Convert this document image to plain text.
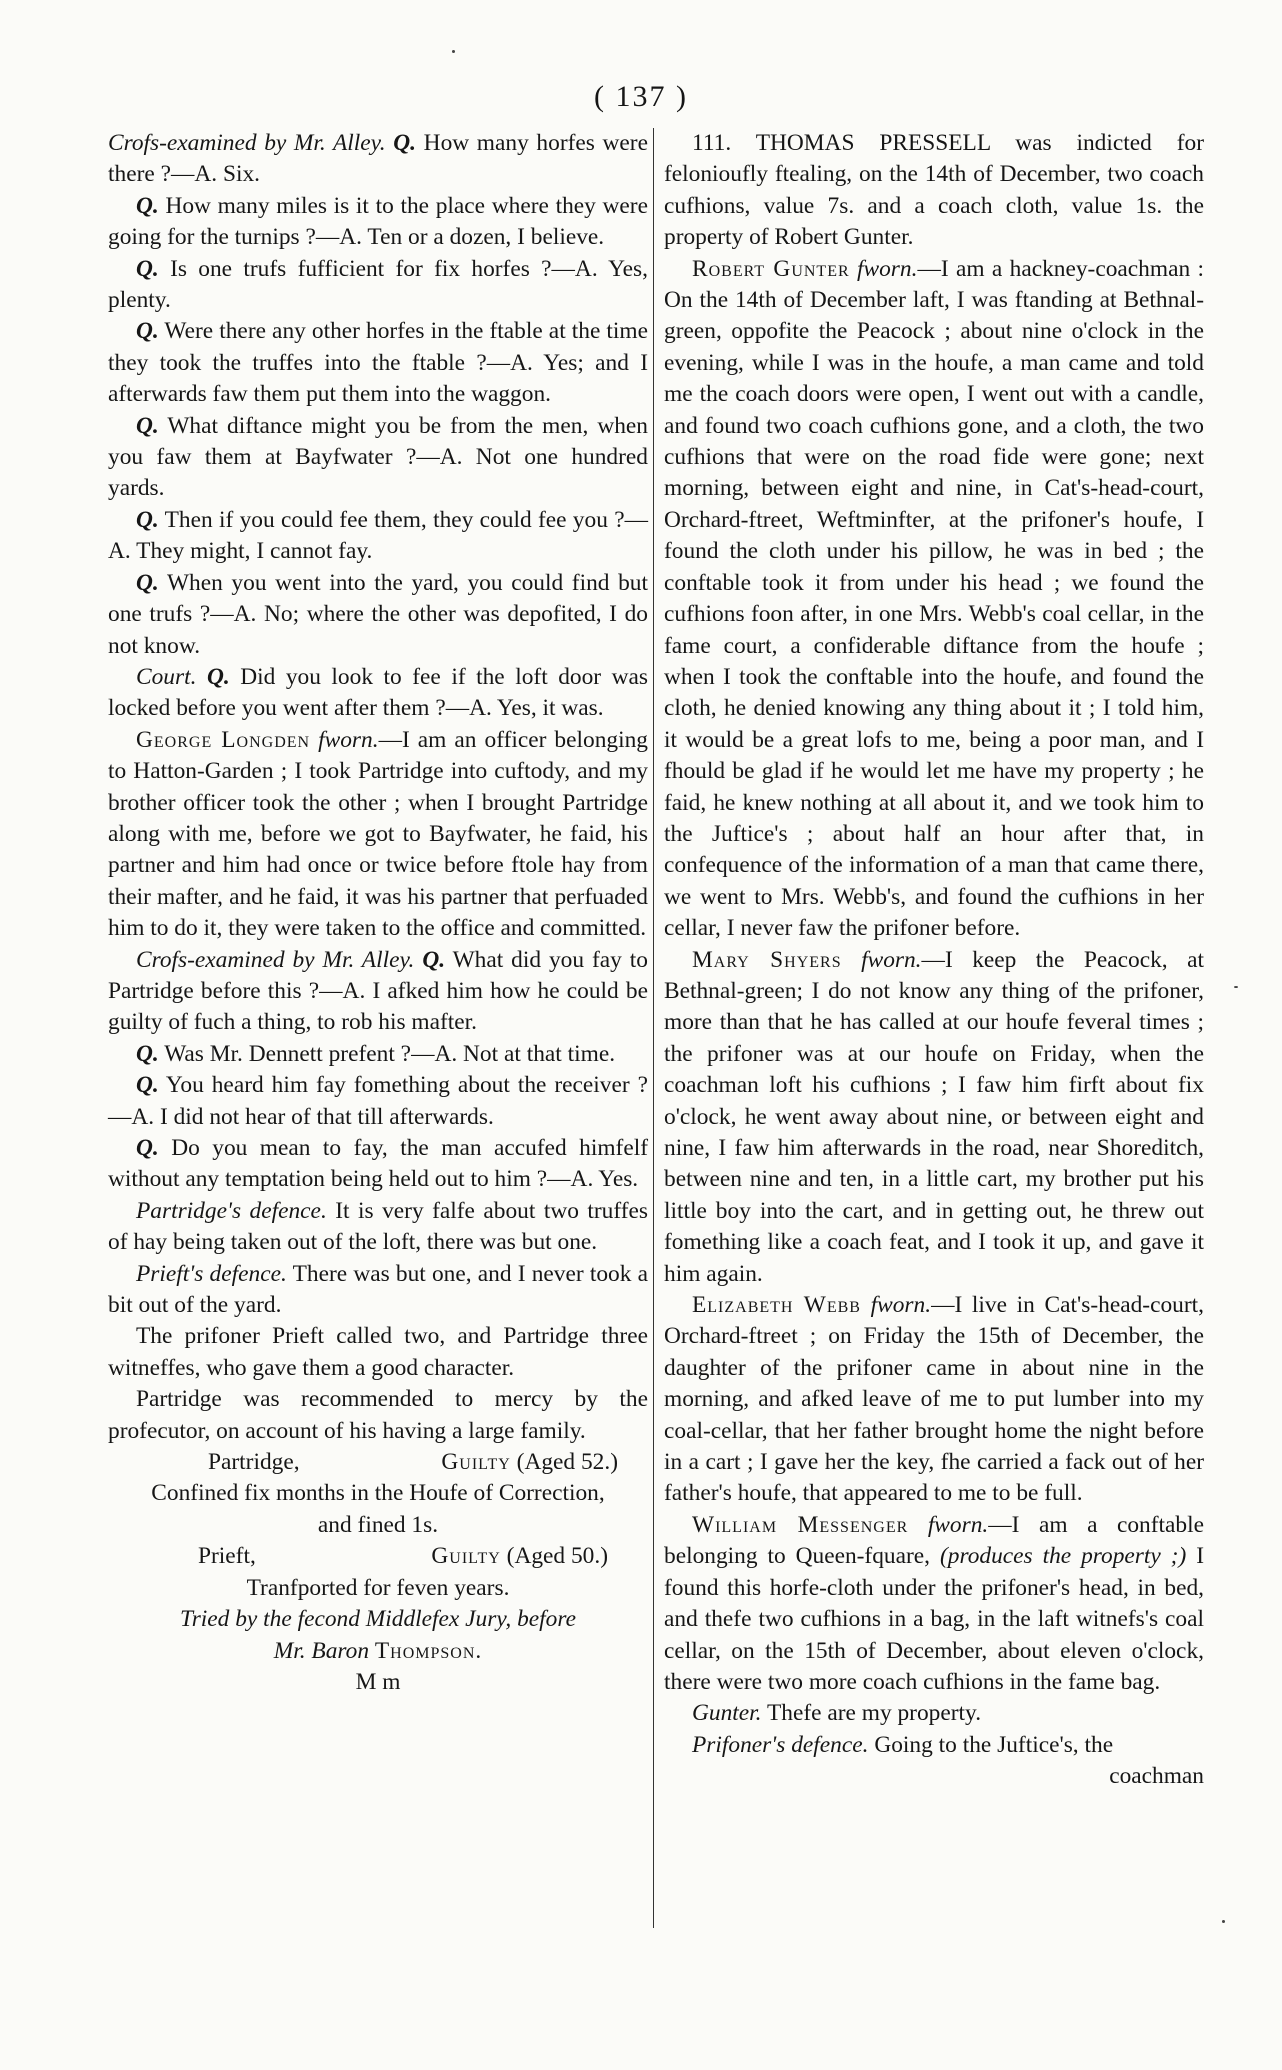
( 137 )

Crofs-examined by Mr. Alley. Q. How many horfes were there ?—A. Six.

Q. How many miles is it to the place where they were going for the turnips ?—A. Ten or a dozen, I believe.

Q. Is one trufs fufficient for fix horfes ?—A. Yes, plenty.

Q. Were there any other horfes in the ftable at the time they took the truffes into the ftable ?—A. Yes; and I afterwards faw them put them into the waggon.

Q. What diftance might you be from the men, when you faw them at Bayfwater ?—A. Not one hundred yards.

Q. Then if you could fee them, they could fee you ?—A. They might, I cannot fay.

Q. When you went into the yard, you could find but one trufs ?—A. No; where the other was depofited, I do not know.

Court. Q. Did you look to fee if the loft door was locked before you went after them ?—A. Yes, it was.

George Longden fworn.—I am an officer belonging to Hatton-Garden ; I took Partridge into cuftody, and my brother officer took the other ; when I brought Partridge along with me, before we got to Bayfwater, he faid, his partner and him had once or twice before ftole hay from their mafter, and he faid, it was his partner that perfuaded him to do it, they were taken to the office and committed.

Crofs-examined by Mr. Alley. Q. What did you fay to Partridge before this ?—A. I afked him how he could be guilty of fuch a thing, to rob his mafter.

Q. Was Mr. Dennett prefent ?—A. Not at that time.

Q. You heard him fay fomething about the receiver ?—A. I did not hear of that till afterwards.

Q. Do you mean to fay, the man accufed himfelf without any temptation being held out to him ?—A. Yes.

Partridge's defence. It is very falfe about two truffes of hay being taken out of the loft, there was but one.

Prieft's defence. There was but one, and I never took a bit out of the yard.

The prifoner Prieft called two, and Partridge three witneffes, who gave them a good character.

Partridge was recommended to mercy by the profecutor, on account of his having a large family.

Partridge,	Guilty (Aged 52.)

Confined fix months in the Houfe of Correction,

and fined 1s.

Prieft,	Guilty (Aged 50.)

Tranfported for feven years.

Tried by the fecond Middlefex Jury, before

Mr. Baron Thompson.

M m

111. THOMAS PRESSELL was indicted for felonioufly ftealing, on the 14th of December, two coach cufhions, value 7s. and a coach cloth, value 1s. the property of Robert Gunter.

Robert Gunter fworn.—I am a hackney-coachman : On the 14th of December laft, I was ftanding at Bethnal-green, oppofite the Peacock ; about nine o'clock in the evening, while I was in the houfe, a man came and told me the coach doors were open, I went out with a candle, and found two coach cufhions gone, and a cloth, the two cufhions that were on the road fide were gone; next morning, between eight and nine, in Cat's-head-court, Orchard-ftreet, Weftminfter, at the prifoner's houfe, I found the cloth under his pillow, he was in bed ; the conftable took it from under his head ; we found the cufhions foon after, in one Mrs. Webb's coal cellar, in the fame court, a confiderable diftance from the houfe ; when I took the conftable into the houfe, and found the cloth, he denied knowing any thing about it ; I told him, it would be a great lofs to me, being a poor man, and I fhould be glad if he would let me have my property ; he faid, he knew nothing at all about it, and we took him to the Juftice's ; about half an hour after that, in confequence of the information of a man that came there, we went to Mrs. Webb's, and found the cufhions in her cellar, I never faw the prifoner before.

Mary Shyers fworn.—I keep the Peacock, at Bethnal-green; I do not know any thing of the prifoner, more than that he has called at our houfe feveral times ; the prifoner was at our houfe on Friday, when the coachman loft his cufhions ; I faw him firft about fix o'clock, he went away about nine, or between eight and nine, I faw him afterwards in the road, near Shoreditch, between nine and ten, in a little cart, my brother put his little boy into the cart, and in getting out, he threw out fomething like a coach feat, and I took it up, and gave it him again.

Elizabeth Webb fworn.—I live in Cat's-head-court, Orchard-ftreet ; on Friday the 15th of December, the daughter of the prifoner came in about nine in the morning, and afked leave of me to put lumber into my coal-cellar, that her father brought home the night before in a cart ; I gave her the key, fhe carried a fack out of her father's houfe, that appeared to me to be full.

William Messenger fworn.—I am a conftable belonging to Queen-fquare, (produces the property ;) I found this horfe-cloth under the prifoner's head, in bed, and thefe two cufhions in a bag, in the laft witnefs's coal cellar, on the 15th of December, about eleven o'clock, there were two more coach cufhions in the fame bag.

Gunter. Thefe are my property.

Prifoner's defence. Going to the Juftice's, the

coachman
